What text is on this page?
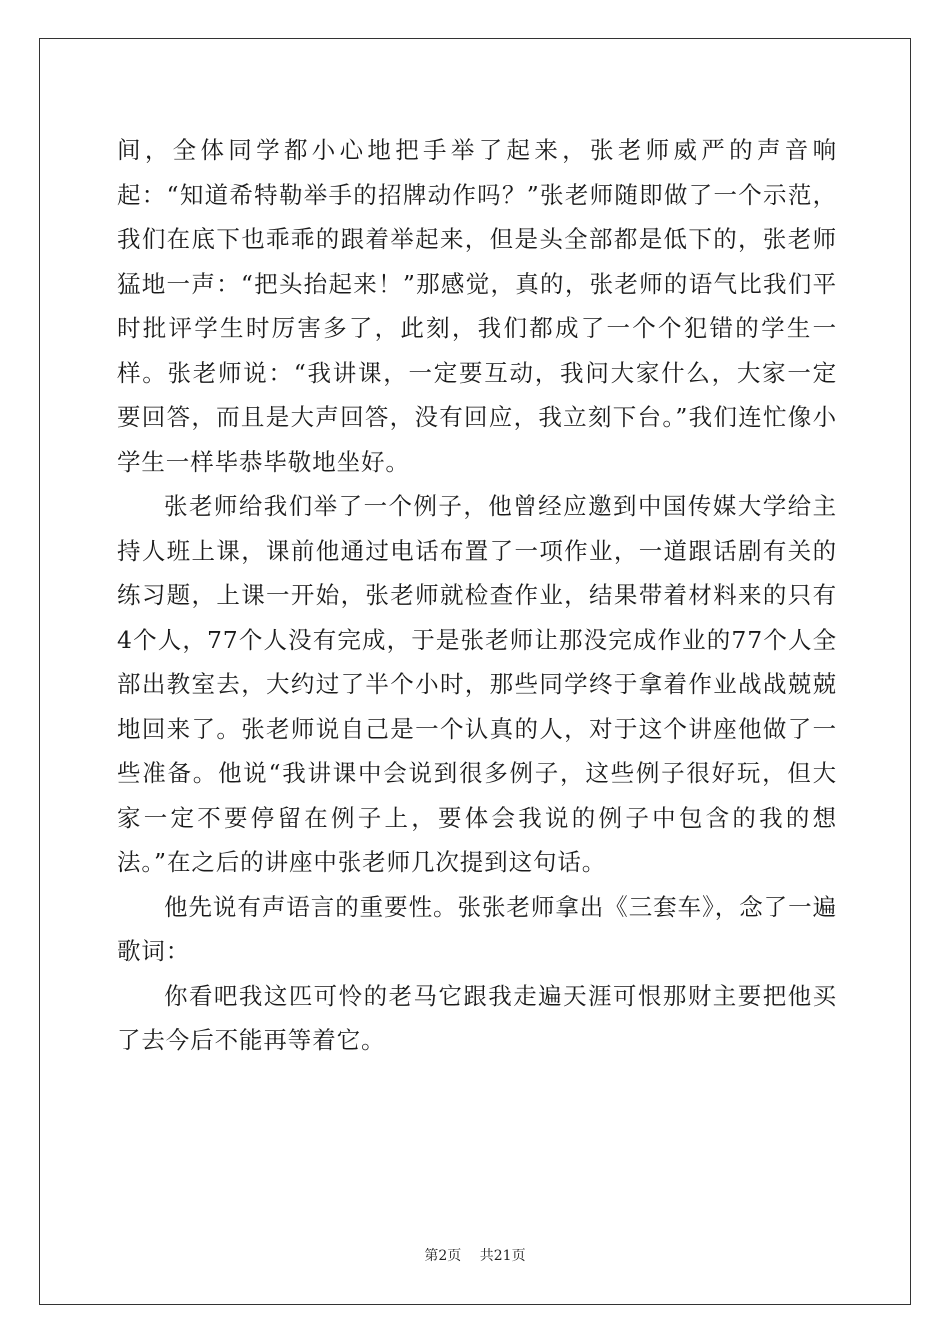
间，全体同学都小心地把手举了起来，张老师威严的声音响起：“知道希特勒举手的招牌动作吗？”张老师随即做了一个示范，我们在底下也乖乖的跟着举起来，但是头全部都是低下的，张老师猛地一声：“把头抬起来！”那感觉，真的，张老师的语气比我们平时批评学生时厉害多了，此刻，我们都成了一个个犯错的学生一样。张老师说：“我讲课，一定要互动，我问大家什么，大家一定要回答，而且是大声回答，没有回应，我立刻下台。”我们连忙像小学生一样毕恭毕敬地坐好。

张老师给我们举了一个例子，他曾经应邀到中国传媒大学给主持人班上课，课前他通过电话布置了一项作业，一道跟话剧有关的练习题，上课一开始，张老师就检查作业，结果带着材料来的只有4个人，77个人没有完成，于是张老师让那没完成作业的77个人全部出教室去，大约过了半个小时，那些同学终于拿着作业战战兢兢地回来了。张老师说自己是一个认真的人，对于这个讲座他做了一些准备。他说“我讲课中会说到很多例子，这些例子很好玩，但大家一定不要停留在例子上，要体会我说的例子中包含的我的想法。”在之后的讲座中张老师几次提到这句话。

他先说有声语言的重要性。张张老师拿出《三套车》，念了一遍歌词：

你看吧我这匹可怜的老马它跟我走遍天涯可恨那财主要把他买了去今后不能再等着它。

第2页 共21页
